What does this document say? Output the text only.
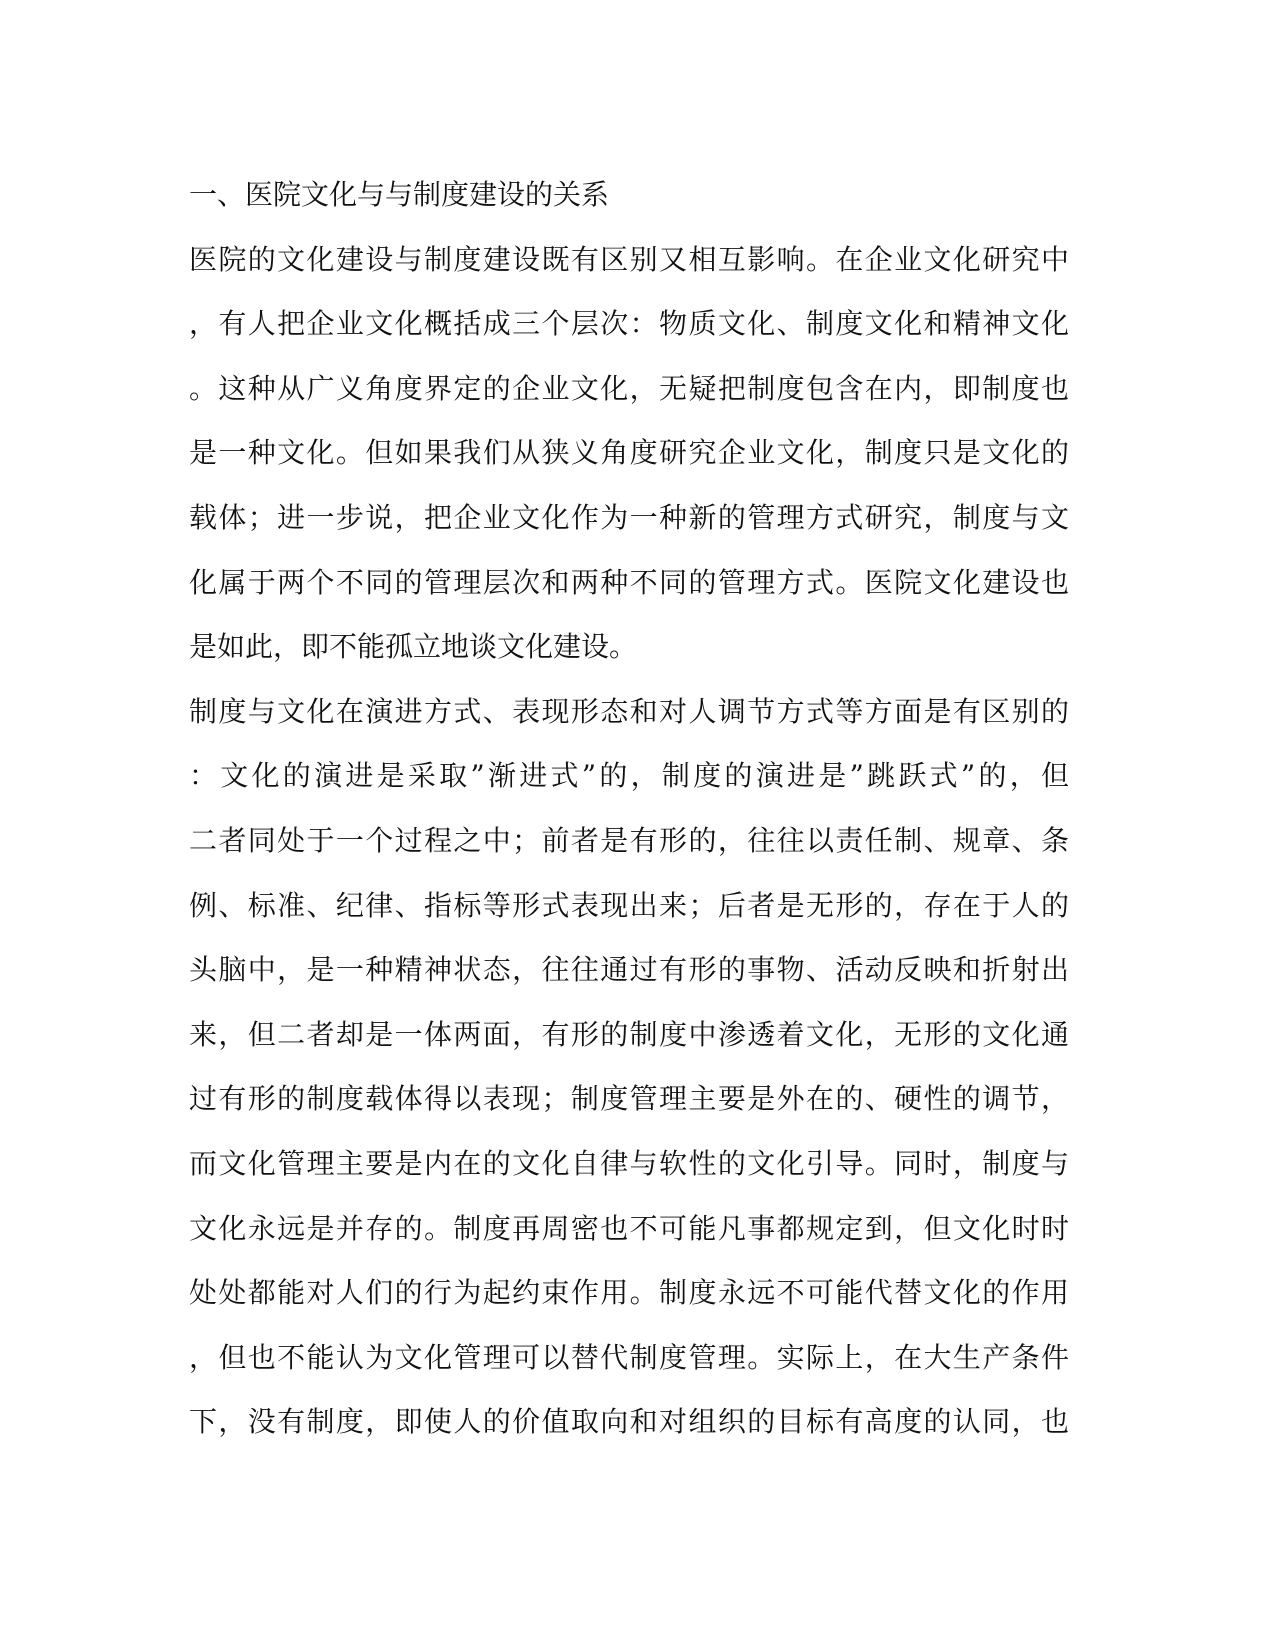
一、医院文化与与制度建设的关系
医院的文化建设与制度建设既有区别又相互影响。在企业文化研究中
，有人把企业文化概括成三个层次：物质文化、制度文化和精神文化
。这种从广义角度界定的企业文化，无疑把制度包含在内，即制度也
是一种文化。但如果我们从狭义角度研究企业文化，制度只是文化的
载体；进一步说，把企业文化作为一种新的管理方式研究，制度与文
化属于两个不同的管理层次和两种不同的管理方式。医院文化建设也
是如此，即不能孤立地谈文化建设。
制度与文化在演进方式、表现形态和对人调节方式等方面是有区别的
：文化的演进是采取”渐进式”的，制度的演进是”跳跃式”的，但
二者同处于一个过程之中；前者是有形的，往往以责任制、规章、条
例、标准、纪律、指标等形式表现出来；后者是无形的，存在于人的
头脑中，是一种精神状态，往往通过有形的事物、活动反映和折射出
来，但二者却是一体两面，有形的制度中渗透着文化，无形的文化通
过有形的制度载体得以表现；制度管理主要是外在的、硬性的调节，
而文化管理主要是内在的文化自律与软性的文化引导。同时，制度与
文化永远是并存的。制度再周密也不可能凡事都规定到，但文化时时
处处都能对人们的行为起约束作用。制度永远不可能代替文化的作用
，但也不能认为文化管理可以替代制度管理。实际上，在大生产条件
下，没有制度，即使人的价值取向和对组织的目标有高度的认同，也
